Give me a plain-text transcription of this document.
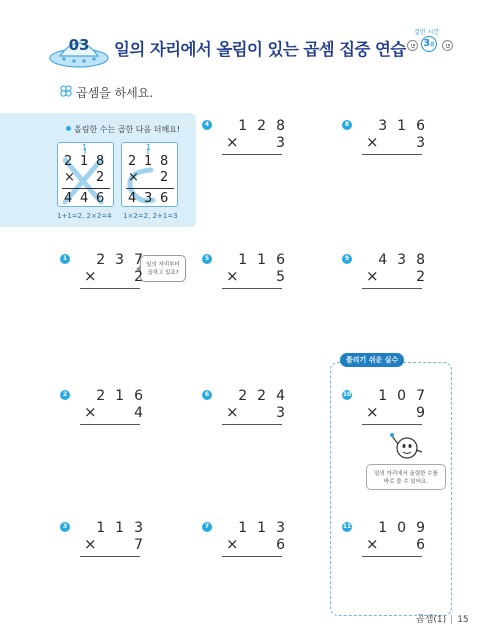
03	일의 자리에서 올림이 있는 곱셈 집중 연습
걸린 시간
3분
곱셈을 하세요.
올림한 수는 곱한 다음 더해요!
1
2 1 8
× 2
4 4 6
1+1=2, 2×2=4
1
2 1 8
× 2
4 3 6
1×2=2, 2+1=3
일의 자리부터
곱하고 있죠?
틀리기 쉬운 실수
일의 자리에서 올림한 수를
바로 쓸 수 있어요.
1	237
×	2
2	216
×	4
3	113
×	7
4	128
×	3
5	116
×	5
6	224
×	3
7	113
×	6
8	316
×	3
9	438
×	2
10	107
×	9
11	109
×	6
곱셈(1) | 15
